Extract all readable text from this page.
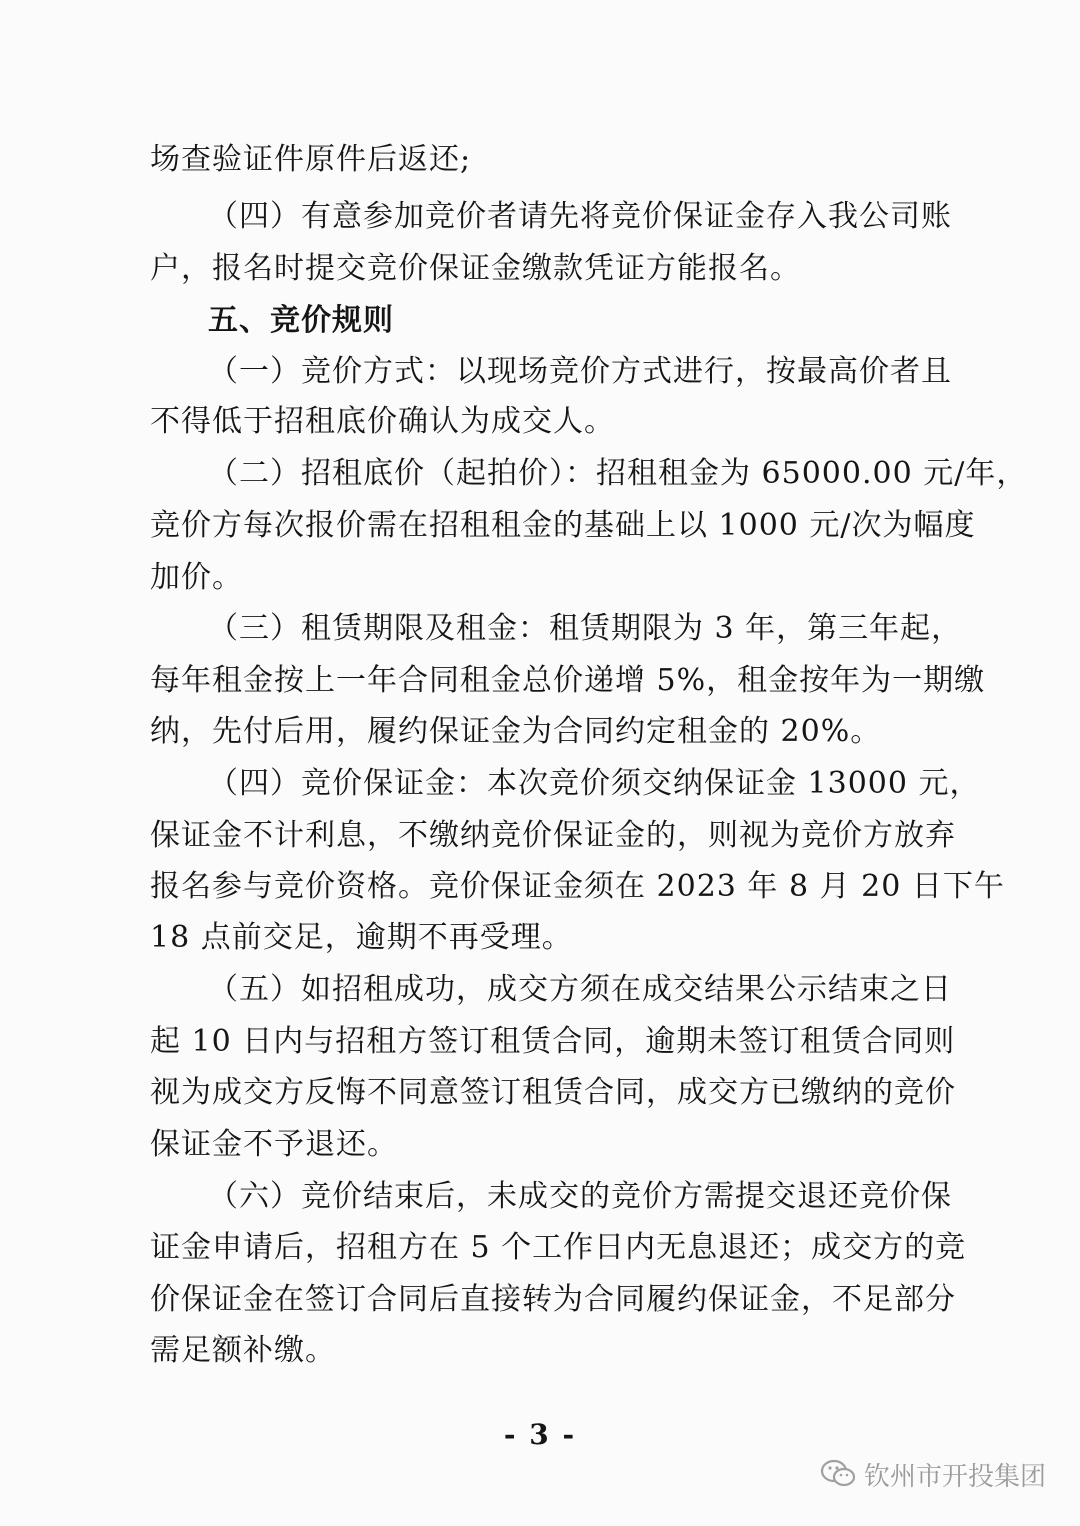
场查验证件原件后返还;
（四）有意参加竞价者请先将竞价保证金存入我公司账
户，报名时提交竞价保证金缴款凭证方能报名。
五、竞价规则
（一）竞价方式：以现场竞价方式进行，按最高价者且
不得低于招租底价确认为成交人。
（二）招租底价（起拍价）：招租租金为 65000.00 元/年，
竞价方每次报价需在招租租金的基础上以 1000 元/次为幅度
加价。
（三）租赁期限及租金：租赁期限为 3 年，第三年起，
每年租金按上一年合同租金总价递增 5%，租金按年为一期缴
纳，先付后用，履约保证金为合同约定租金的 20%。
（四）竞价保证金：本次竞价须交纳保证金 13000 元，
保证金不计利息，不缴纳竞价保证金的，则视为竞价方放弃
报名参与竞价资格。竞价保证金须在 2023 年 8 月 20 日下午
18 点前交足，逾期不再受理。
（五）如招租成功，成交方须在成交结果公示结束之日
起 10 日内与招租方签订租赁合同，逾期未签订租赁合同则
视为成交方反悔不同意签订租赁合同，成交方已缴纳的竞价
保证金不予退还。
（六）竞价结束后，未成交的竞价方需提交退还竞价保
证金申请后，招租方在 5 个工作日内无息退还；成交方的竞
价保证金在签订合同后直接转为合同履约保证金，不足部分
需足额补缴。
- 3 -
钦州市开投集团
